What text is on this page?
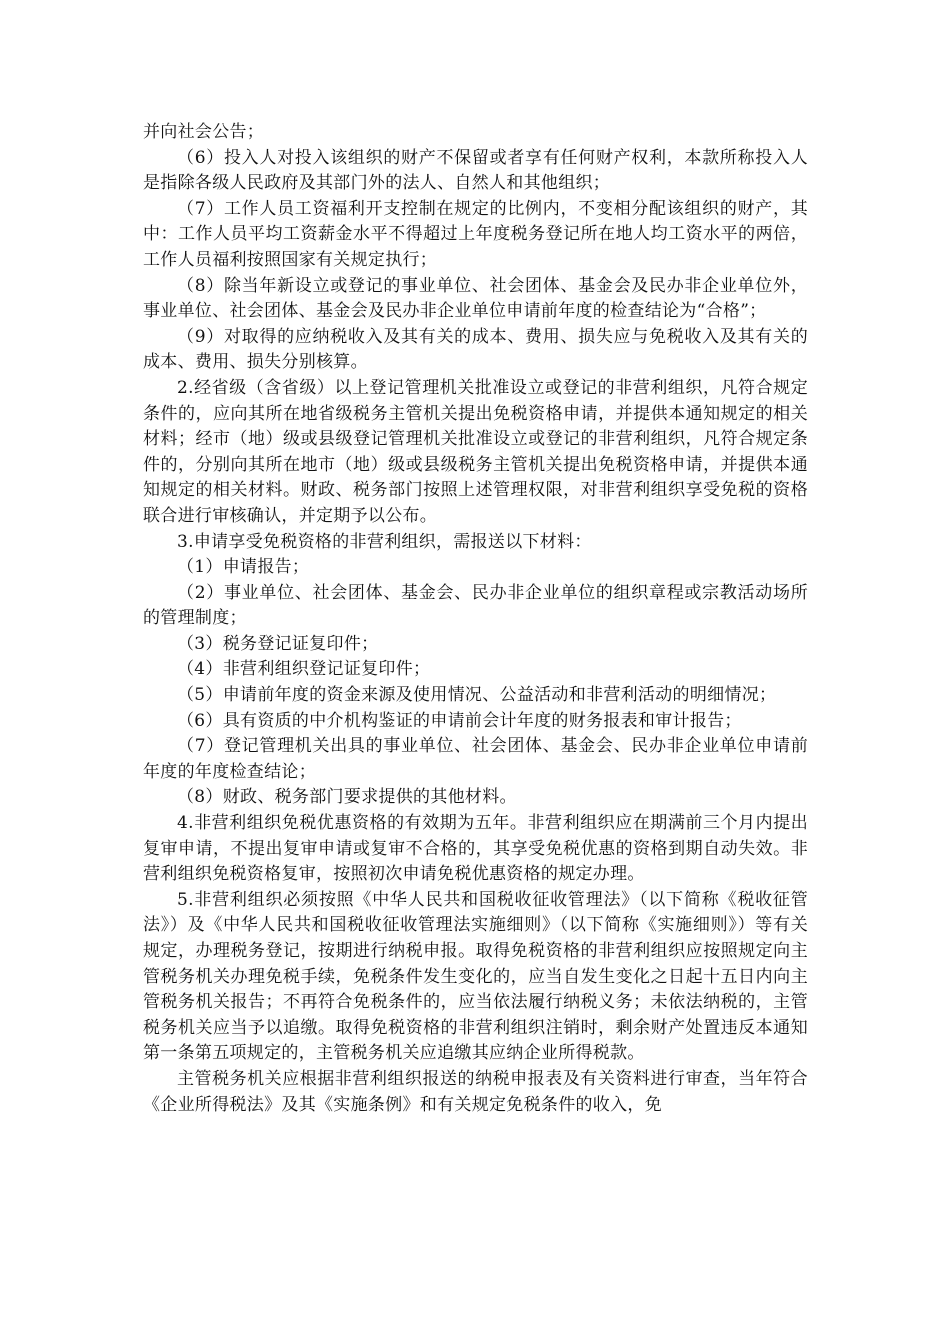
并向社会公告；

（6）投入人对投入该组织的财产不保留或者享有任何财产权利，本款所称投入人是指除各级人民政府及其部门外的法人、自然人和其他组织；

（7）工作人员工资福利开支控制在规定的比例内，不变相分配该组织的财产，其中：工作人员平均工资薪金水平不得超过上年度税务登记所在地人均工资水平的两倍，工作人员福利按照国家有关规定执行；

（8）除当年新设立或登记的事业单位、社会团体、基金会及民办非企业单位外，事业单位、社会团体、基金会及民办非企业单位申请前年度的检查结论为“合格”；

（9）对取得的应纳税收入及其有关的成本、费用、损失应与免税收入及其有关的成本、费用、损失分别核算。

2.经省级（含省级）以上登记管理机关批准设立或登记的非营利组织，凡符合规定条件的，应向其所在地省级税务主管机关提出免税资格申请，并提供本通知规定的相关材料；经市（地）级或县级登记管理机关批准设立或登记的非营利组织，凡符合规定条件的，分别向其所在地市（地）级或县级税务主管机关提出免税资格申请，并提供本通知规定的相关材料。财政、税务部门按照上述管理权限，对非营利组织享受免税的资格联合进行审核确认，并定期予以公布。

3.申请享受免税资格的非营利组织，需报送以下材料：

（1）申请报告；

（2）事业单位、社会团体、基金会、民办非企业单位的组织章程或宗教活动场所的管理制度；

（3）税务登记证复印件；

（4）非营利组织登记证复印件；

（5）申请前年度的资金来源及使用情况、公益活动和非营利活动的明细情况；

（6）具有资质的中介机构鉴证的申请前会计年度的财务报表和审计报告；

（7）登记管理机关出具的事业单位、社会团体、基金会、民办非企业单位申请前年度的年度检查结论；

（8）财政、税务部门要求提供的其他材料。

4.非营利组织免税优惠资格的有效期为五年。非营利组织应在期满前三个月内提出复审申请，不提出复审申请或复审不合格的，其享受免税优惠的资格到期自动失效。非营利组织免税资格复审，按照初次申请免税优惠资格的规定办理。

5.非营利组织必须按照《中华人民共和国税收征收管理法》（以下简称《税收征管法》）及《中华人民共和国税收征收管理法实施细则》（以下简称《实施细则》）等有关规定，办理税务登记，按期进行纳税申报。取得免税资格的非营利组织应按照规定向主管税务机关办理免税手续，免税条件发生变化的，应当自发生变化之日起十五日内向主管税务机关报告；不再符合免税条件的，应当依法履行纳税义务；未依法纳税的，主管税务机关应当予以追缴。取得免税资格的非营利组织注销时，剩余财产处置违反本通知第一条第五项规定的，主管税务机关应追缴其应纳企业所得税款。

主管税务机关应根据非营利组织报送的纳税申报表及有关资料进行审查，当年符合《企业所得税法》及其《实施条例》和有关规定免税条件的收入，免
